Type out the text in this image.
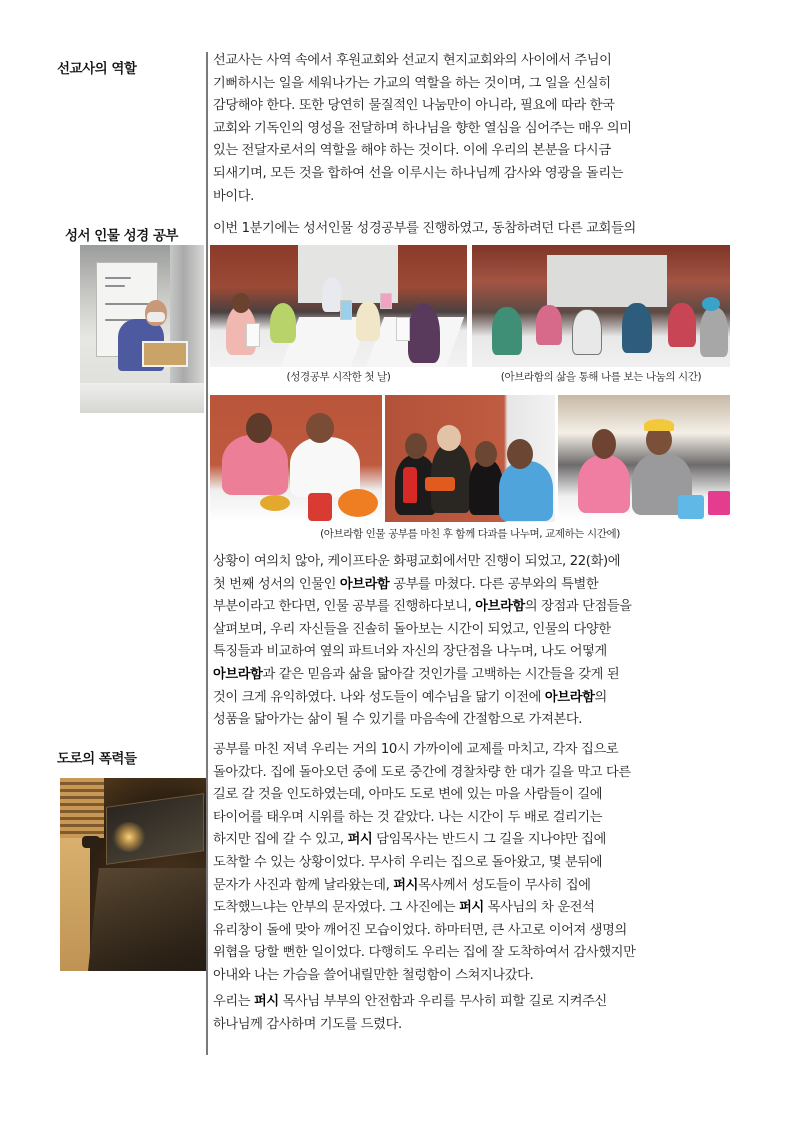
선교사의 역할
선교사는 사역 속에서 후원교회와 선교지 현지교회와의 사이에서 주님이
기뻐하시는 일을 세워나가는 가교의 역할을 하는 것이며, 그 일을 신실히
감당해야 한다. 또한 당연히 물질적인 나눔만이 아니라, 필요에 따라 한국
교회와 기독인의 영성을 전달하며 하나님을 향한 열심을 심어주는 매우 의미
있는 전달자로서의 역할을 해야 하는 것이다. 이에 우리의 본분을 다시금
되새기며, 모든 것을 합하여 선을 이루시는 하나님께 감사와 영광을 돌리는
바이다.
성서 인물 성경 공부	이번 1분기에는 성서인물 성경공부를 진행하였고, 동참하려던 다른 교회들의
(성경공부 시작한 첫 날)	(아브라함의 삶을 통해 나를 보는 나눔의 시간)
(아브라함 인물 공부를 마친 후 함께 다과를 나누며, 교제하는 시간에)
상황이 여의치 않아, 케이프타운 화평교회에서만 진행이 되었고, 22(화)에
첫 번째 성서의 인물인 아브라함 공부를 마쳤다. 다른 공부와의 특별한
부분이라고 한다면, 인물 공부를 진행하다보니, 아브라함의 장점과 단점들을
살펴보며, 우리 자신들을 진솔히 돌아보는 시간이 되었고, 인물의 다양한
특징들과 비교하여 옆의 파트너와 자신의 장단점을 나누며, 나도 어떻게
아브라함과 같은 믿음과 삶을 닮아갈 것인가를 고백하는 시간들을 갖게 된
것이 크게 유익하였다. 나와 성도들이 예수님을 닮기 이전에 아브라함의
성품을 닮아가는 삶이 될 수 있기를 마음속에 간절함으로 가져본다.
도로의 폭력들
공부를 마친 저녁 우리는 거의 10시 가까이에 교제를 마치고, 각자 집으로
돌아갔다. 집에 돌아오던 중에 도로 중간에 경찰차량 한 대가 길을 막고 다른
길로 갈 것을 인도하였는데, 아마도 도로 변에 있는 마을 사람들이 길에
타이어를 태우며 시위를 하는 것 같았다. 나는 시간이 두 배로 걸리기는
하지만 집에 갈 수 있고, 퍼시 담임목사는 반드시 그 길을 지나야만 집에
도착할 수 있는 상황이었다. 무사히 우리는 집으로 돌아왔고, 몇 분뒤에
문자가 사진과 함께 날라왔는데, 퍼시목사께서 성도들이 무사히 집에
도착했느냐는 안부의 문자였다. 그 사진에는 퍼시 목사님의 차 운전석
유리창이 돌에 맞아 깨어진 모습이었다. 하마터면, 큰 사고로 이어져 생명의
위협을 당할 뻔한 일이었다. 다행히도 우리는 집에 잘 도착하여서 감사했지만
아내와 나는 가슴을 쓸어내릴만한 철렁함이 스쳐지나갔다.
우리는 퍼시 목사님 부부의 안전함과 우리를 무사히 피할 길로 지켜주신
하나님께 감사하며 기도를 드렸다.
